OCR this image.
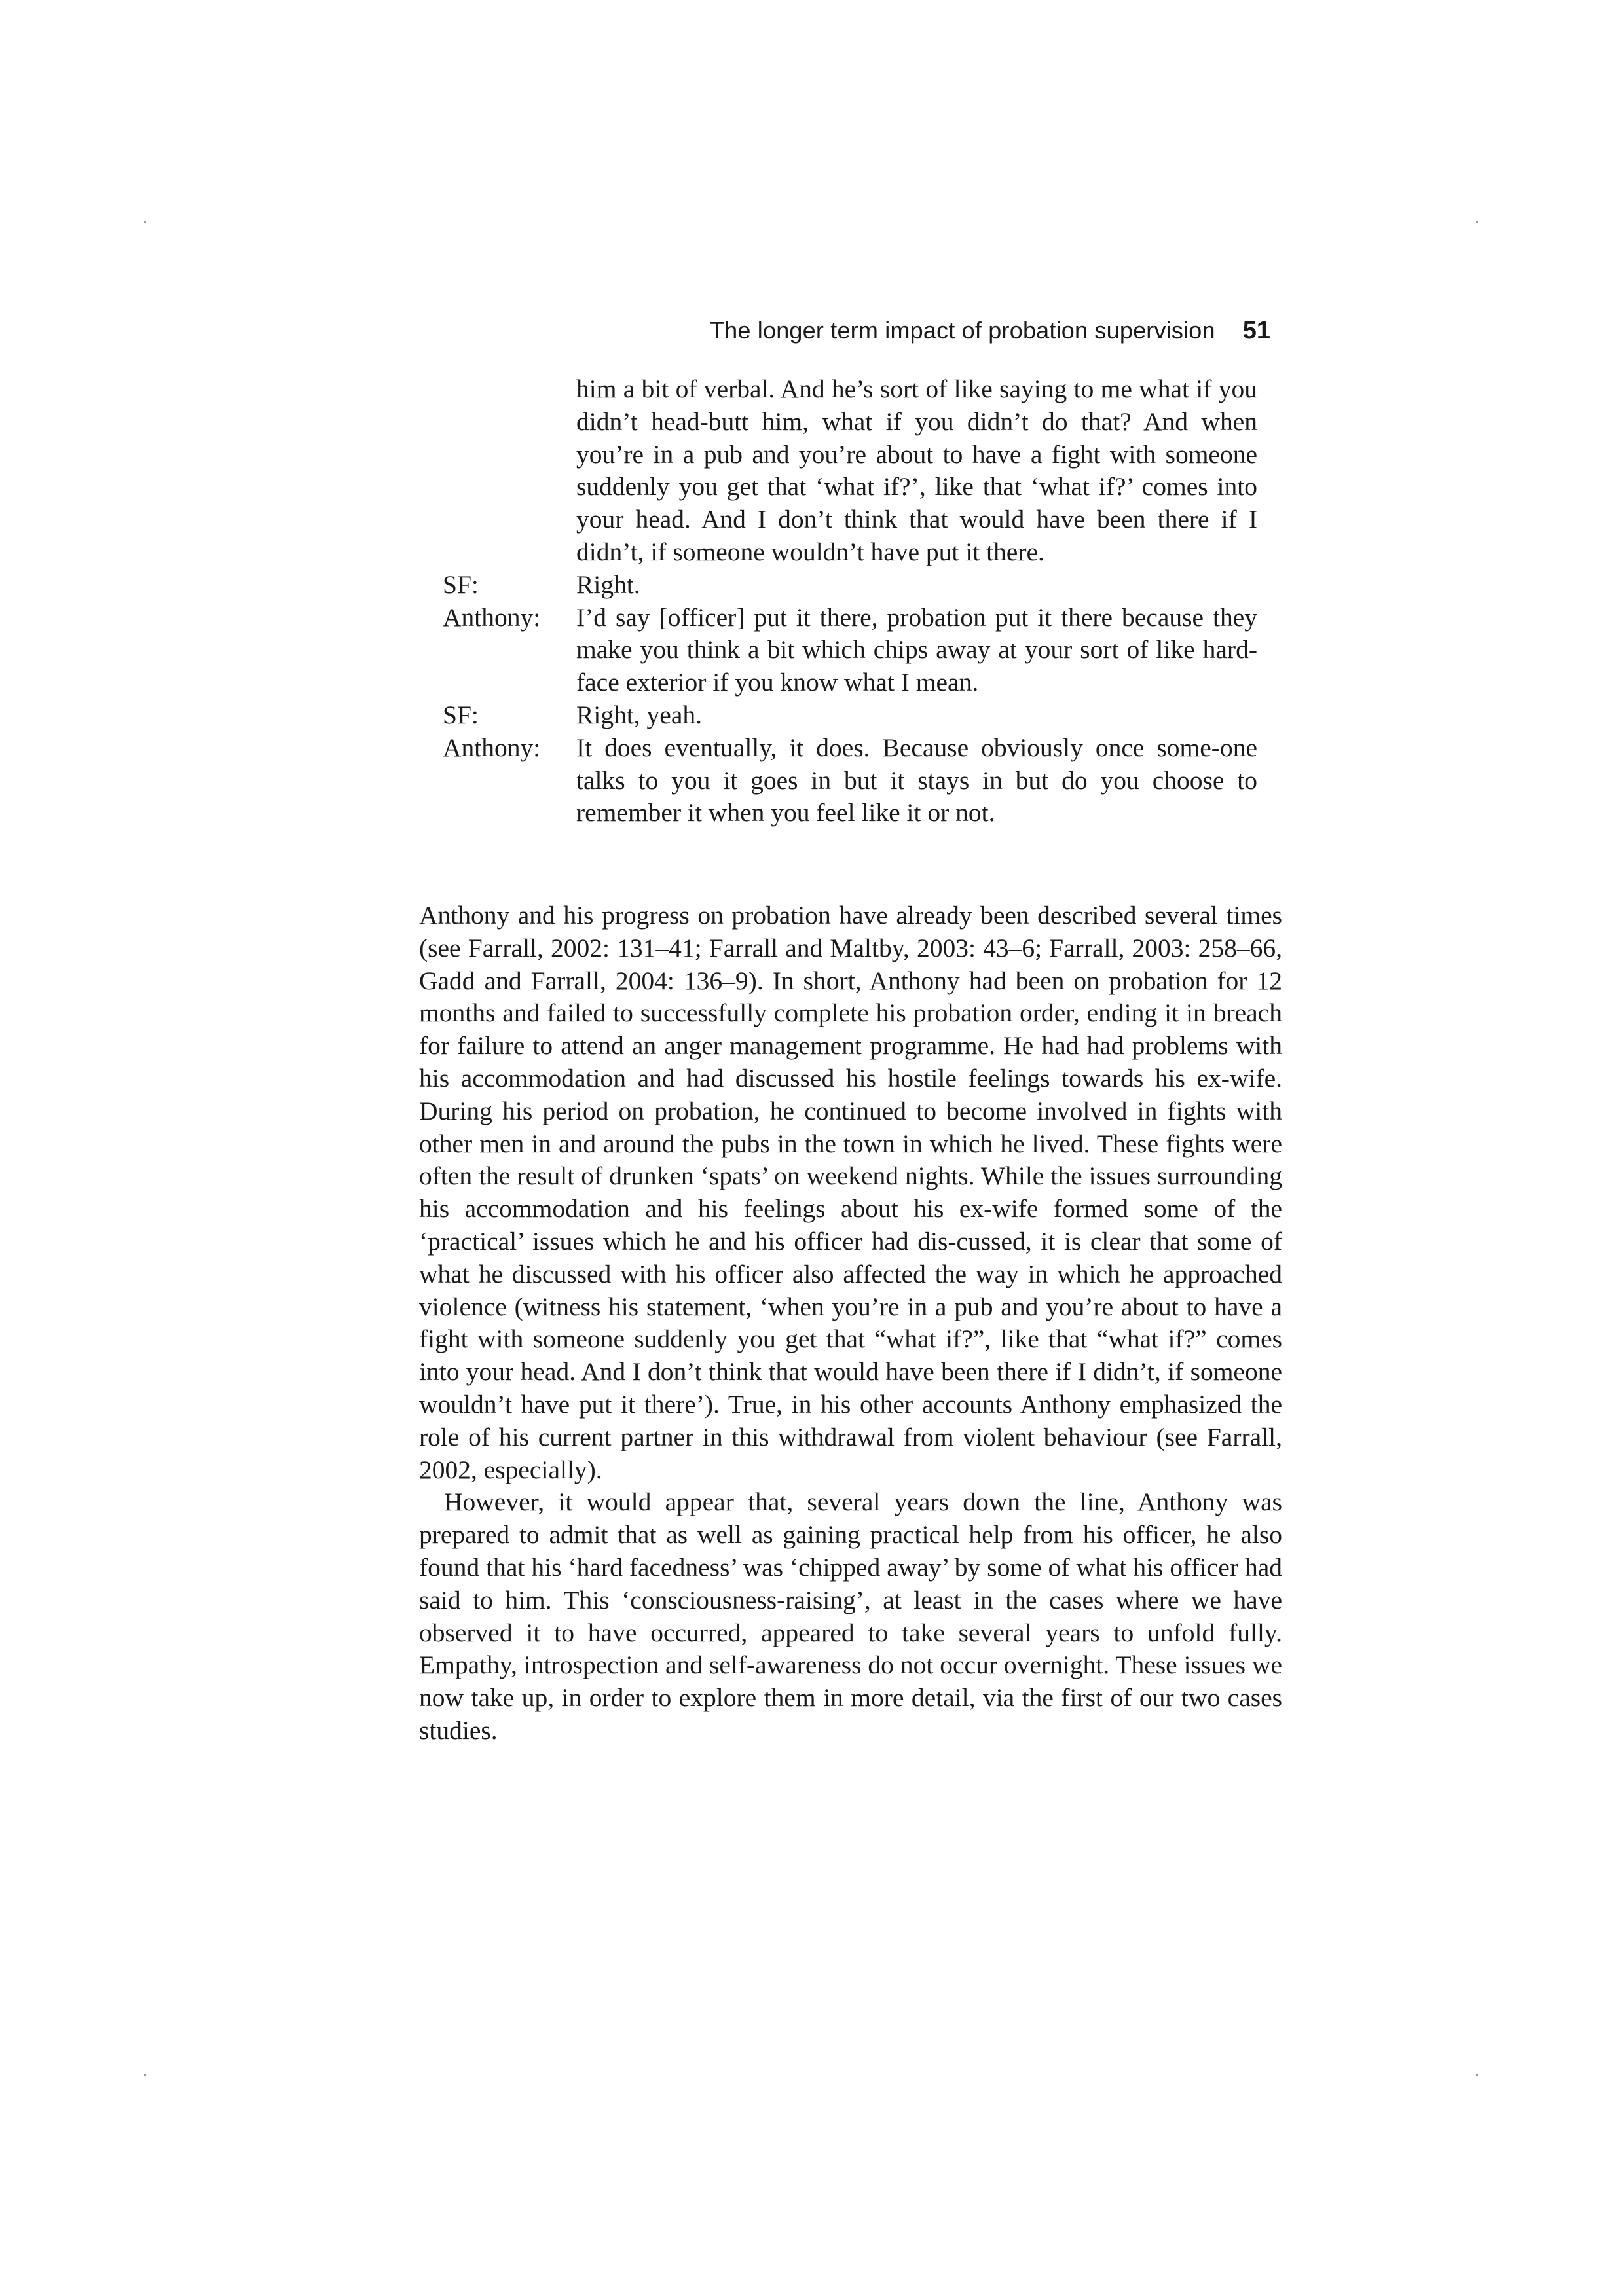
The longer term impact of probation supervision 51
him a bit of verbal. And he’s sort of like saying to me what if you didn’t head-butt him, what if you didn’t do that? And when you’re in a pub and you’re about to have a fight with someone suddenly you get that ‘what if?’, like that ‘what if?’ comes into your head. And I don’t think that would have been there if I didn’t, if someone wouldn’t have put it there.
SF:	Right.
Anthony:	I’d say [officer] put it there, probation put it there because they make you think a bit which chips away at your sort of like hard-face exterior if you know what I mean.
SF:	Right, yeah.
Anthony:	It does eventually, it does. Because obviously once some-one talks to you it goes in but it stays in but do you choose to remember it when you feel like it or not.

Anthony and his progress on probation have already been described several times (see Farrall, 2002: 131–41; Farrall and Maltby, 2003: 43–6; Farrall, 2003: 258–66, Gadd and Farrall, 2004: 136–9). In short, Anthony had been on probation for 12 months and failed to successfully complete his probation order, ending it in breach for failure to attend an anger management programme. He had had problems with his accommodation and had discussed his hostile feelings towards his ex-wife. During his period on probation, he continued to become involved in fights with other men in and around the pubs in the town in which he lived. These fights were often the result of drunken ‘spats’ on weekend nights. While the issues surrounding his accommodation and his feelings about his ex-wife formed some of the ‘practical’ issues which he and his officer had dis-cussed, it is clear that some of what he discussed with his officer also affected the way in which he approached violence (witness his statement, ‘when you’re in a pub and you’re about to have a fight with someone suddenly you get that “what if?”, like that “what if?” comes into your head. And I don’t think that would have been there if I didn’t, if someone wouldn’t have put it there’). True, in his other accounts Anthony emphasized the role of his current partner in this withdrawal from violent behaviour (see Farrall, 2002, especially).

However, it would appear that, several years down the line, Anthony was prepared to admit that as well as gaining practical help from his officer, he also found that his ‘hard facedness’ was ‘chipped away’ by some of what his officer had said to him. This ‘consciousness-raising’, at least in the cases where we have observed it to have occurred, appeared to take several years to unfold fully. Empathy, introspection and self-awareness do not occur overnight. These issues we now take up, in order to explore them in more detail, via the first of our two cases studies.
